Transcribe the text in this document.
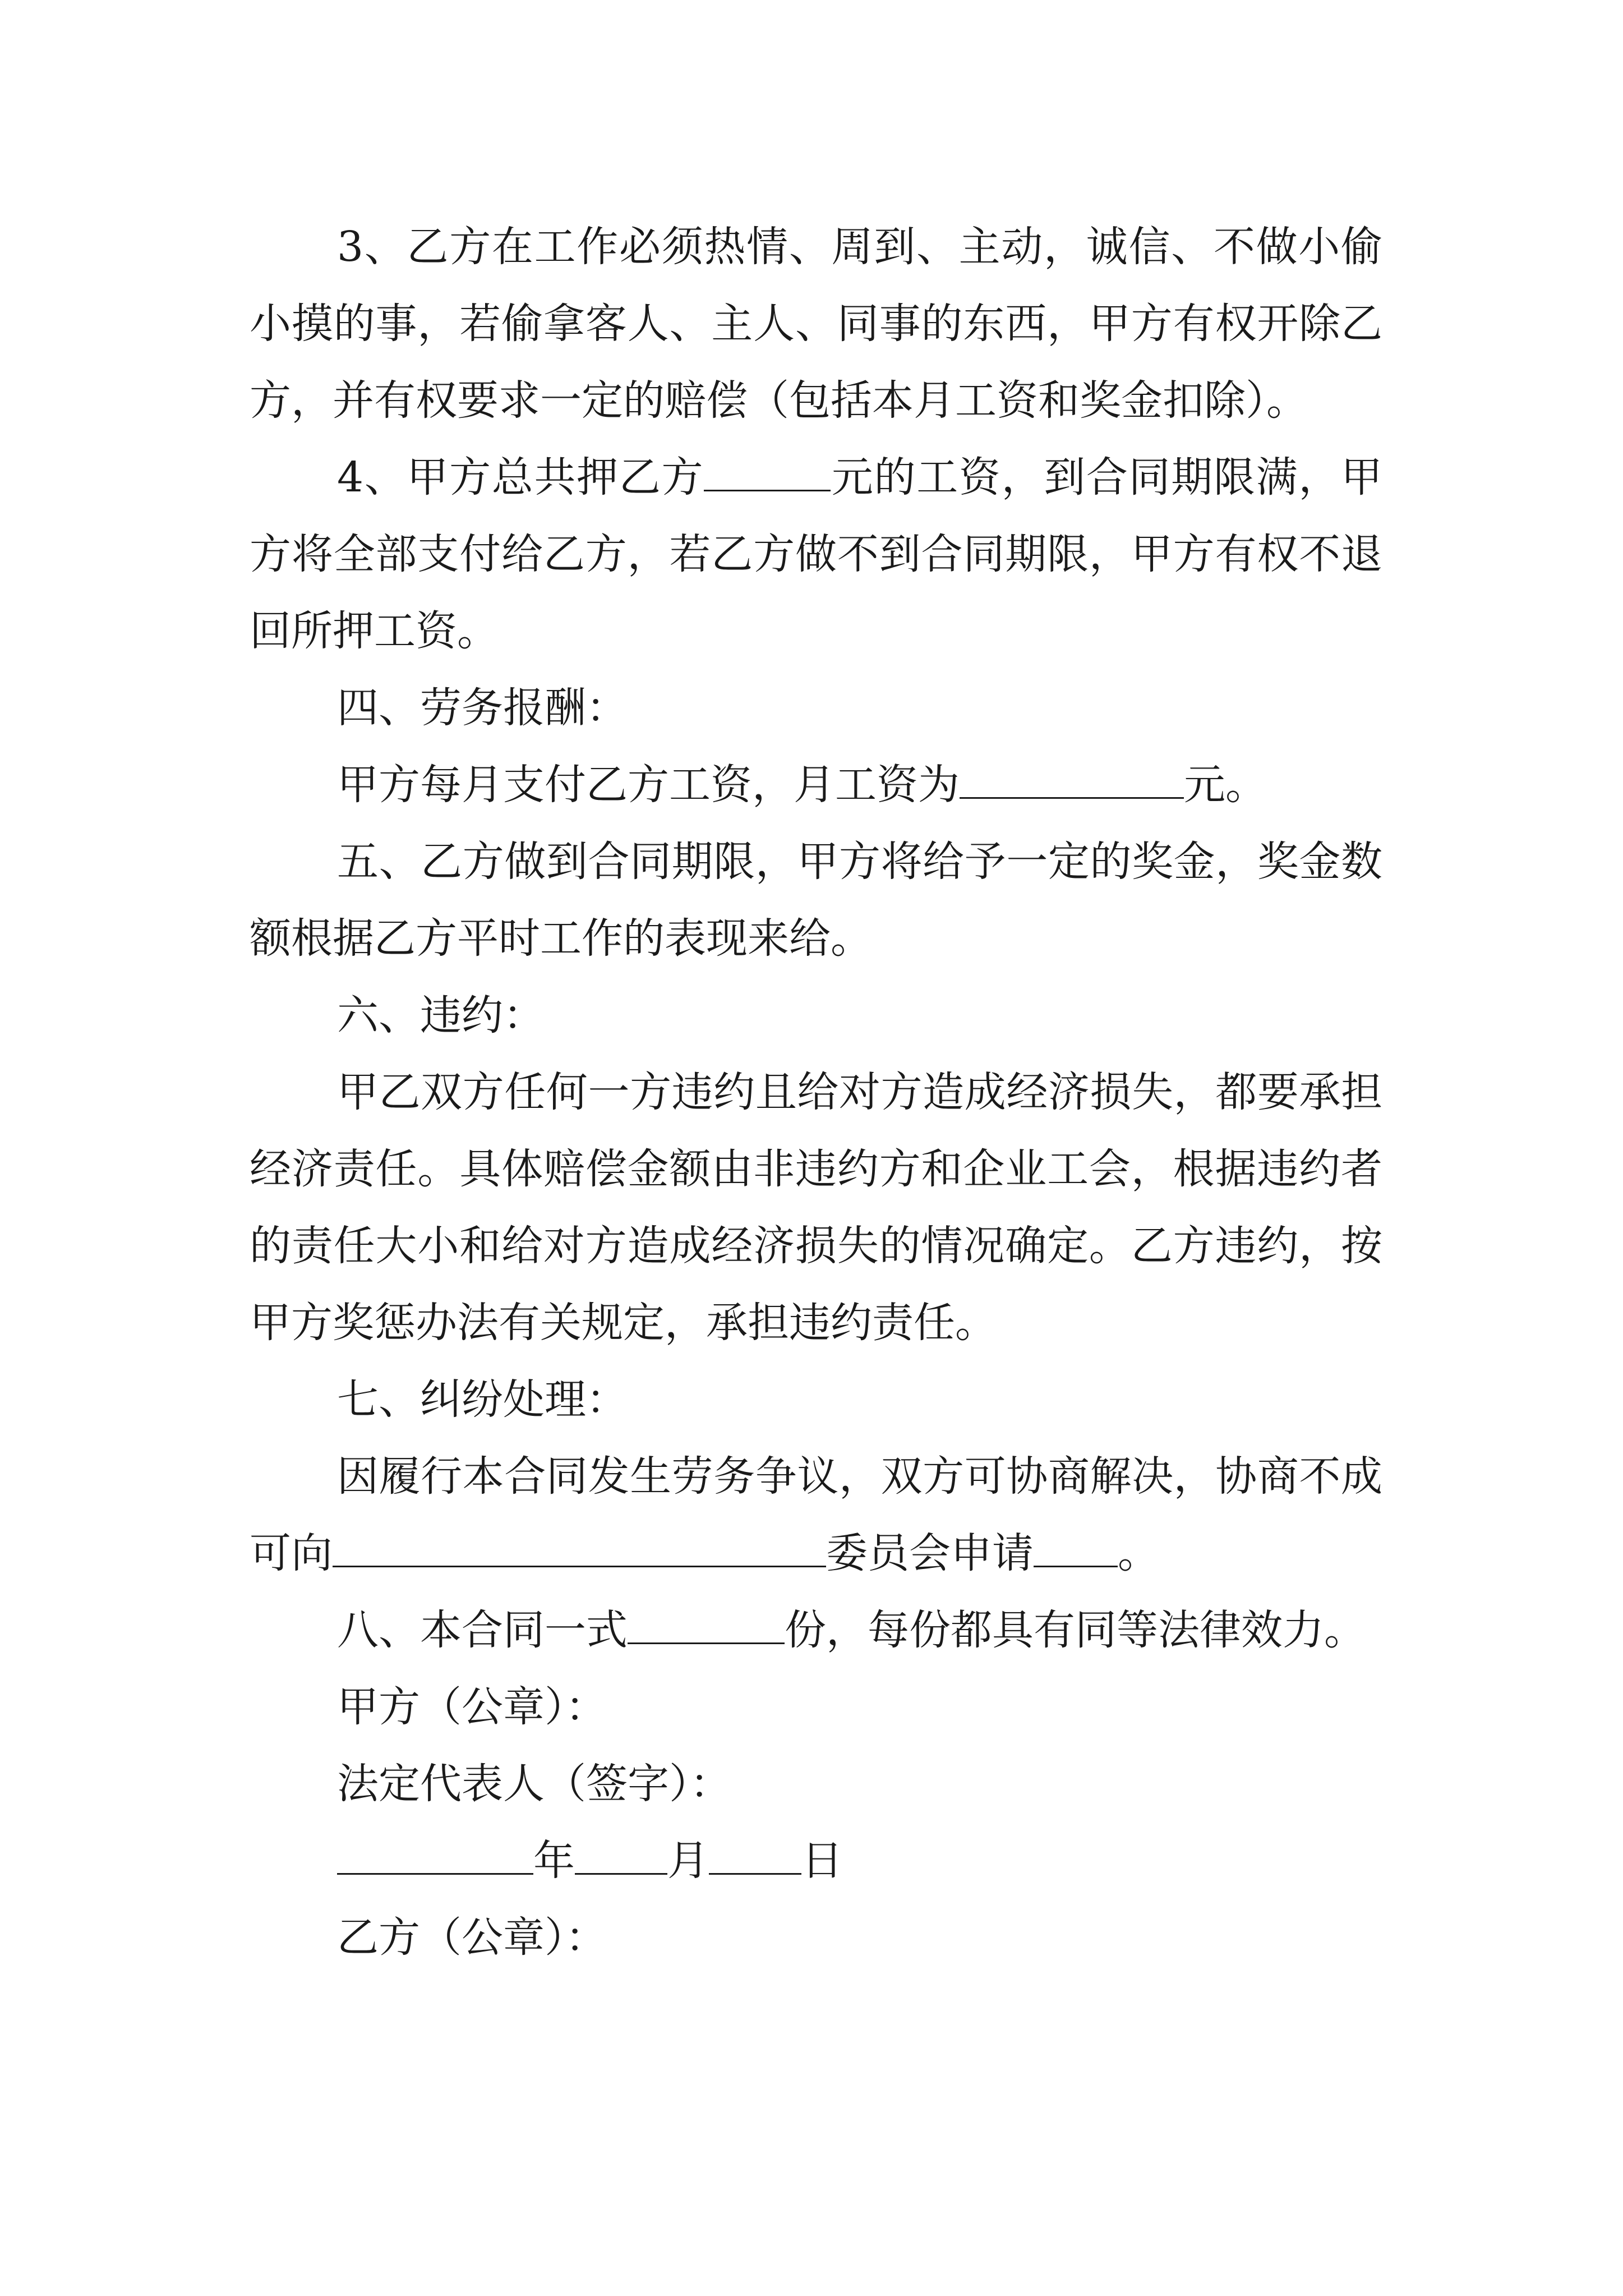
3、乙方在工作必须热情、周到、主动，诚信、不做小偷小摸的事，若偷拿客人、主人、同事的东西，甲方有权开除乙方，并有权要求一定的赔偿（包括本月工资和奖金扣除）。

4、甲方总共押乙方	元的工资，到合同期限满，甲方将全部支付给乙方，若乙方做不到合同期限，甲方有权不退回所押工资。

四、劳务报酬：

甲方每月支付乙方工资，月工资为	元。

五、乙方做到合同期限，甲方将给予一定的奖金，奖金数额根据乙方平时工作的表现来给。

六、违约：

甲乙双方任何一方违约且给对方造成经济损失，都要承担经济责任。具体赔偿金额由非违约方和企业工会，根据违约者的责任大小和给对方造成经济损失的情况确定。乙方违约，按甲方奖惩办法有关规定，承担违约责任。

七、纠纷处理：

因履行本合同发生劳务争议，双方可协商解决，协商不成可向	委员会申请 。

八、本合同一式	份，每份都具有同等法律效力。

甲方（公章）：

法定代表人（签字）：

年 月 日

乙方（公章）：
